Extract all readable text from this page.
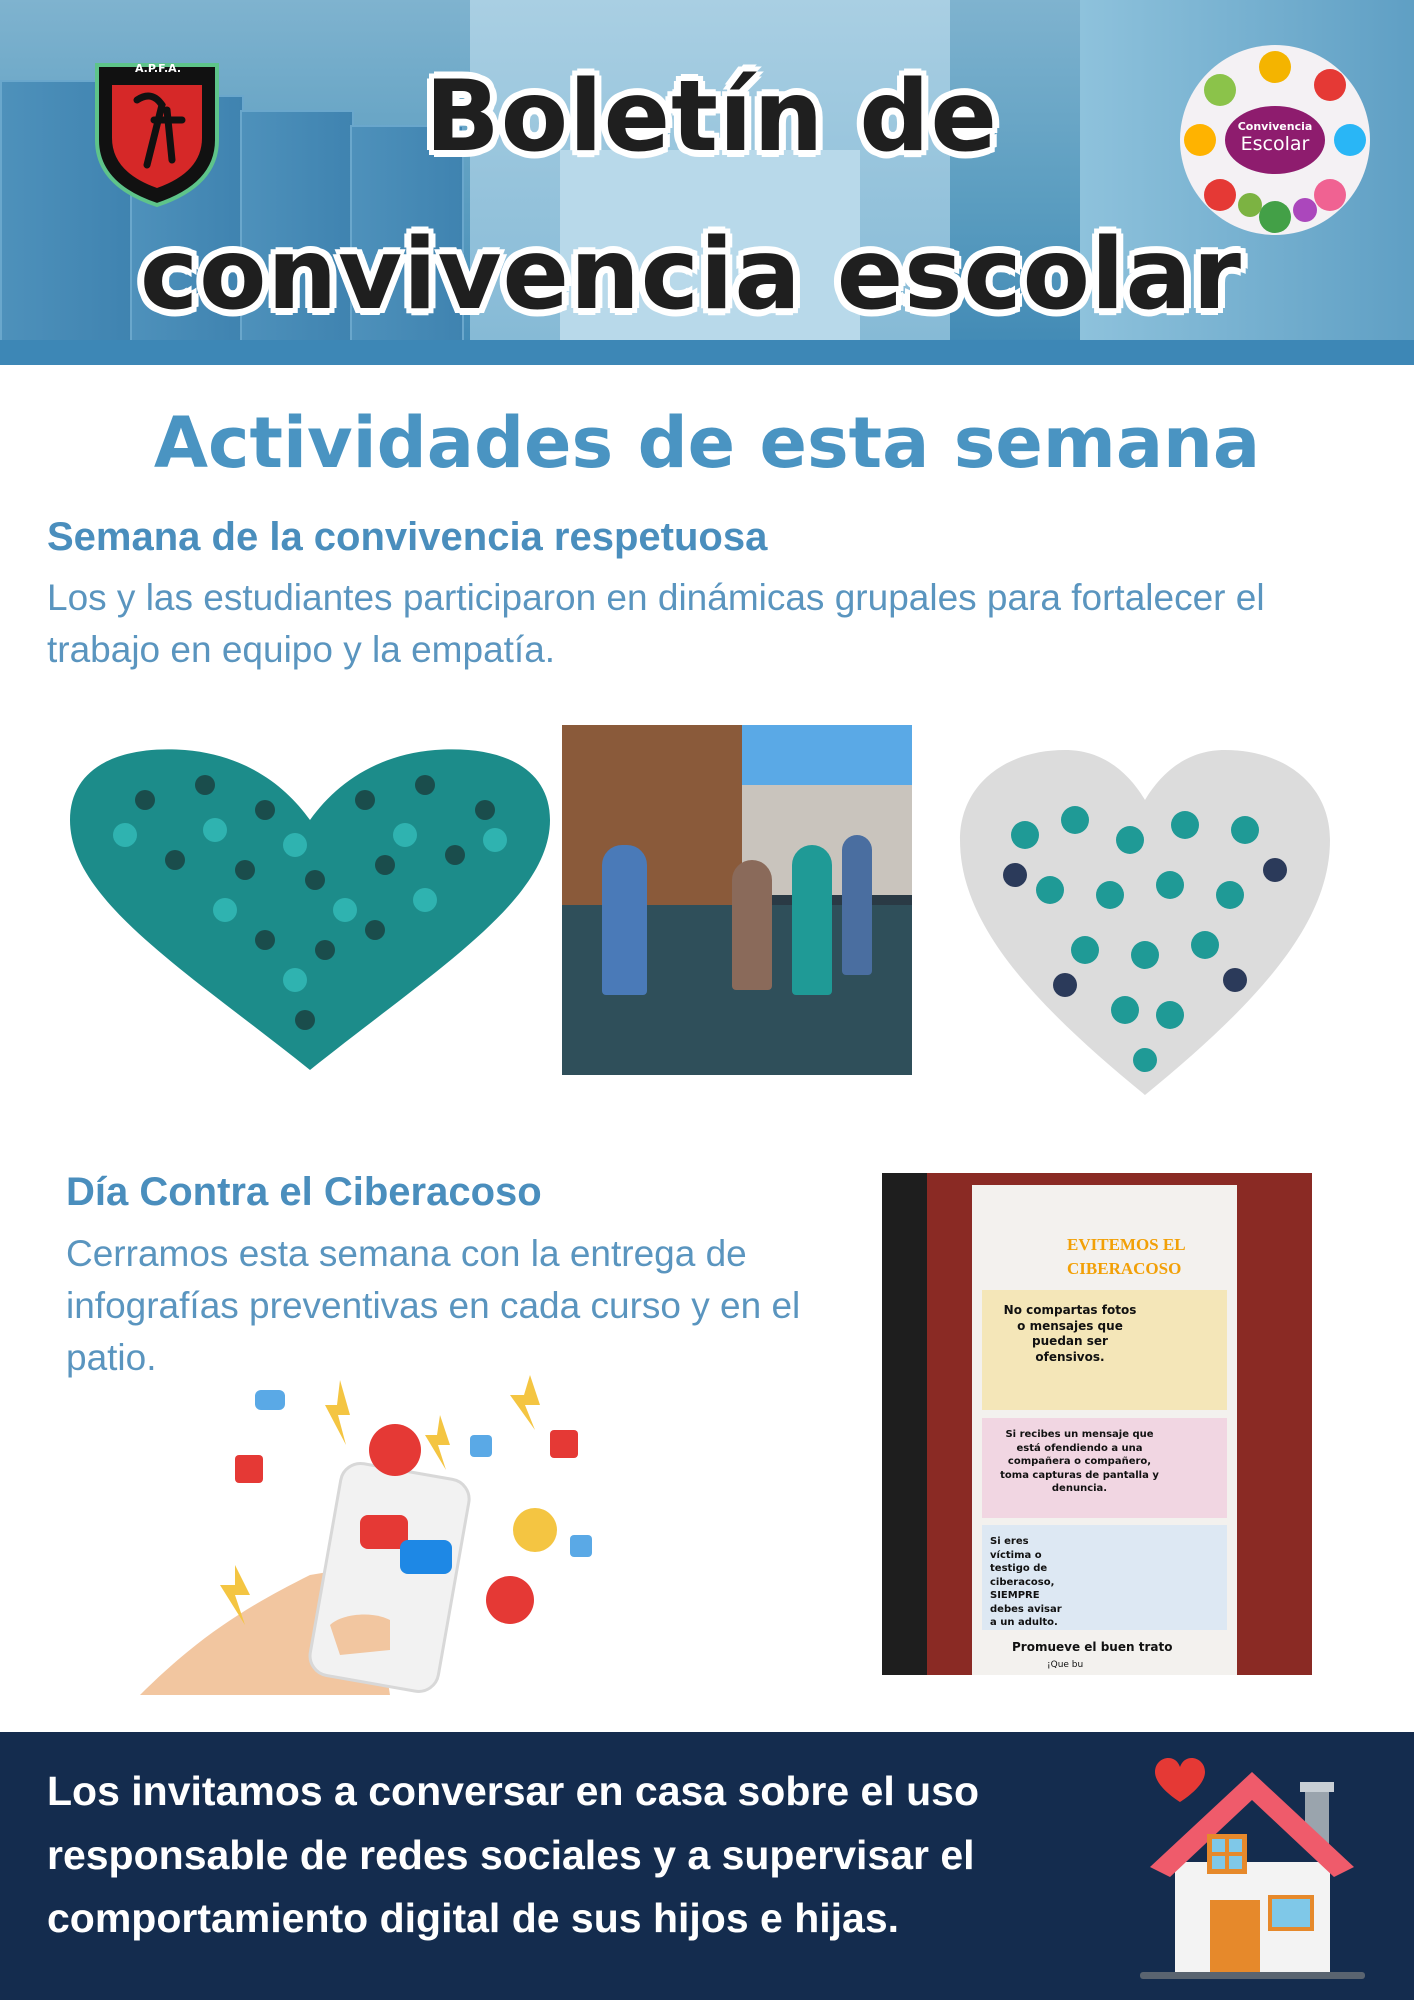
A.P.F.A. Boletín de
convivencia escolar
Convivencia
Escolar
Actividades de esta semana
Semana de la convivencia respetuosa
Los y las estudiantes participaron en dinámicas grupales para fortalecer el trabajo en equipo y la empatía.
Día Contra el Ciberacoso
Cerramos esta semana con la entrega de infografías preventivas en cada curso y en el patio.
EVITEMOS EL
CIBERACOSO
No compartas fotos o mensajes que puedan ser ofensivos.
Si recibes un mensaje que está ofendiendo a una compañera o compañero, toma capturas de pantalla y denuncia.
Si eres víctima o testigo de ciberacoso, SIEMPRE debes avisar a un adulto.
Promueve el buen trato
¡Que bu
Los invitamos a conversar en casa sobre el uso responsable de redes sociales y a supervisar el comportamiento digital de sus hijos e hijas.
